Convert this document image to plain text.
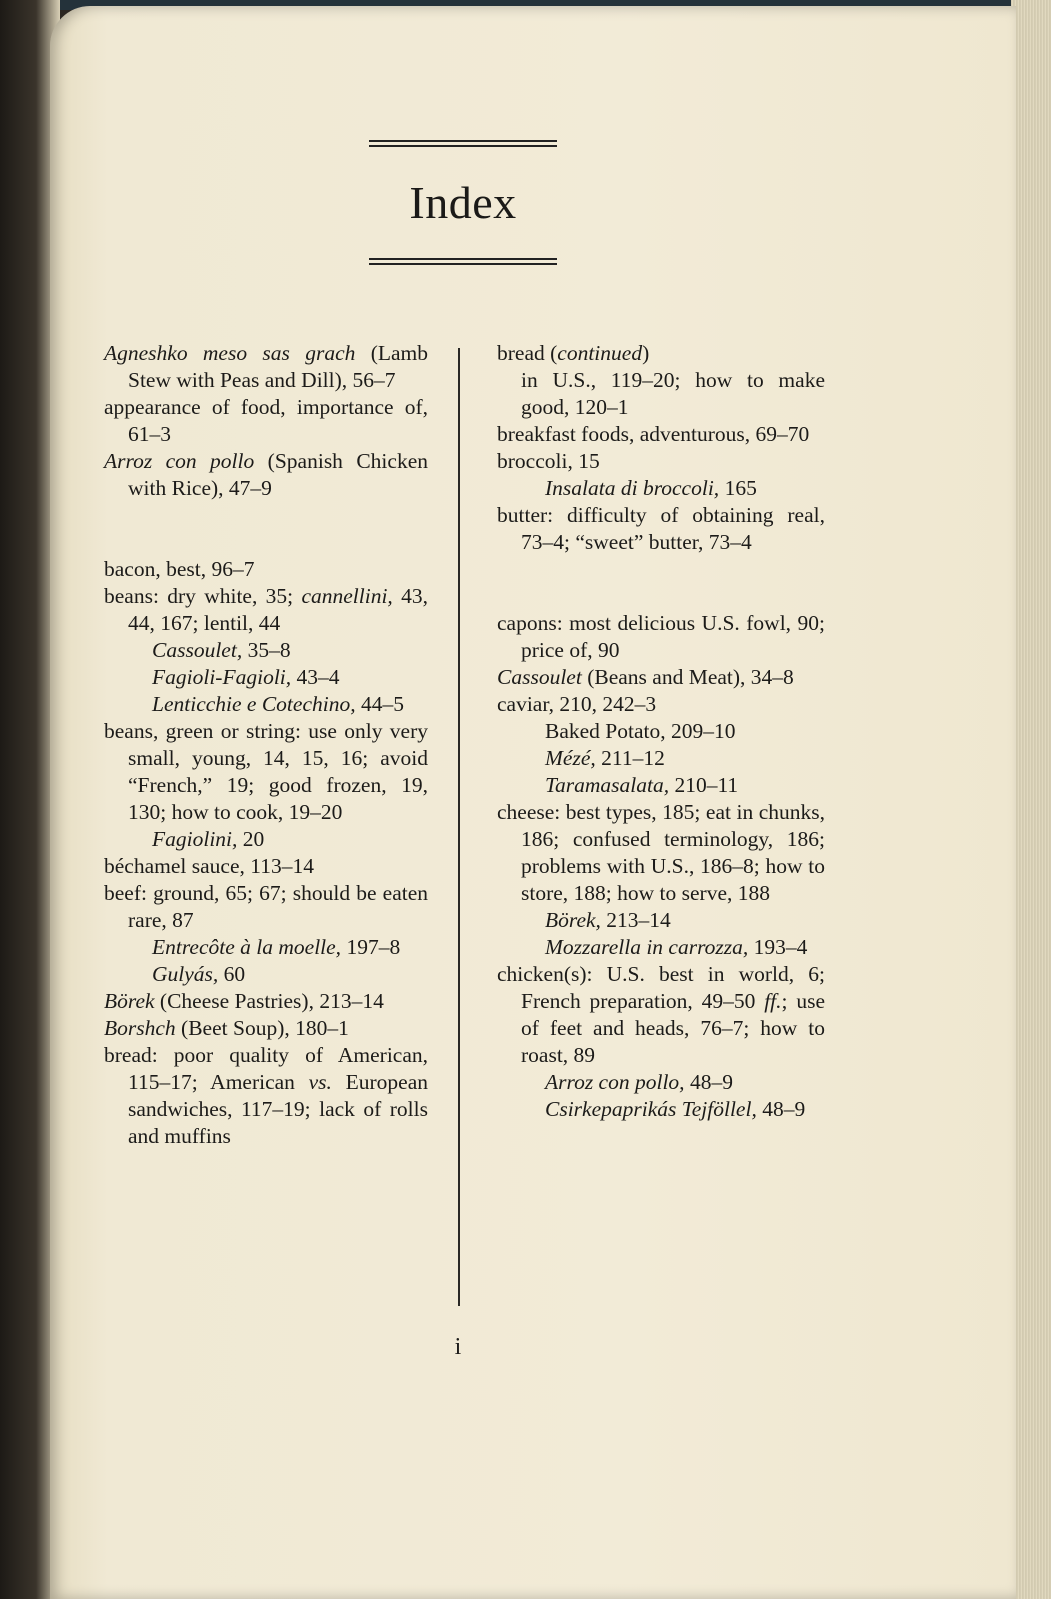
Index

Agneshko meso sas grach (Lamb Stew with Peas and Dill), 56–7

appearance of food, importance of, 61–3

Arroz con pollo (Spanish Chicken with Rice), 47–9

bacon, best, 96–7

beans: dry white, 35; cannellini, 43, 44, 167; lentil, 44

Cassoulet, 35–8

Fagioli-Fagioli, 43–4

Lenticchie e Cotechino, 44–5

beans, green or string: use only very small, young, 14, 15, 16; avoid “French,” 19; good frozen, 19, 130; how to cook, 19–20

Fagiolini, 20

béchamel sauce, 113–14

beef: ground, 65; 67; should be eaten rare, 87

Entrecôte à la moelle, 197–8

Gulyás, 60

Börek (Cheese Pastries), 213–14

Borshch (Beet Soup), 180–1

bread: poor quality of American, 115–17; American vs. European sandwiches, 117–19; lack of rolls and muffins

bread (continued)

in U.S., 119–20; how to make good, 120–1

breakfast foods, adventurous, 69–70

broccoli, 15

Insalata di broccoli, 165

butter: difficulty of obtaining real, 73–4; “sweet” butter, 73–4

capons: most delicious U.S. fowl, 90; price of, 90

Cassoulet (Beans and Meat), 34–8

caviar, 210, 242–3

Baked Potato, 209–10

Mézé, 211–12

Taramasalata, 210–11

cheese: best types, 185; eat in chunks, 186; confused terminology, 186; problems with U.S., 186–8; how to store, 188; how to serve, 188

Börek, 213–14

Mozzarella in carrozza, 193–4

chicken(s): U.S. best in world, 6; French preparation, 49–50 ff.; use of feet and heads, 76–7; how to roast, 89

Arroz con pollo, 48–9

Csirkepaprikás Tejföllel, 48–9

i
